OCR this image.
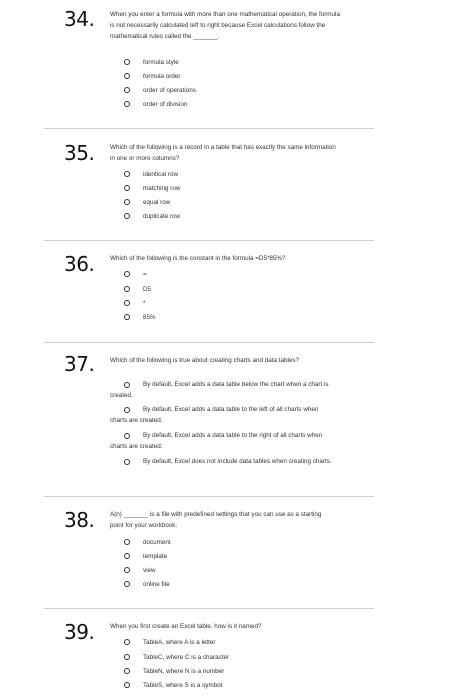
34. When you enter a formula with more than one mathematical operation, the formula is not necessarily calculated left to right because Excel calculations follow the mathematical rules called the _______.
formula style
formula order
order of operations
order of division
35. Which of the following is a record in a table that has exactly the same information in one or more columns?
identical row
matching row
equal row
duplicate row
36. Which of the following is the constant in the formula =D5*85%?
=
D5
*
85%
37. Which of the following is true about creating charts and data tables?
By default, Excel adds a data table below the chart when a chart is created.
By default, Excel adds a data table to the left of all charts when charts are created.
By default, Excel adds a data table to the right of all charts when charts are created.
By default, Excel does not include data tables when creating charts.
38. A(n) _______ is a file with predefined settings that you can use as a starting point for your workbook.
document
template
view
online file
39. When you first create an Excel table, how is it named?
TableA, where A is a letter
TableC, where C is a character
TableN, where N is a number
TableS, where S is a symbol
